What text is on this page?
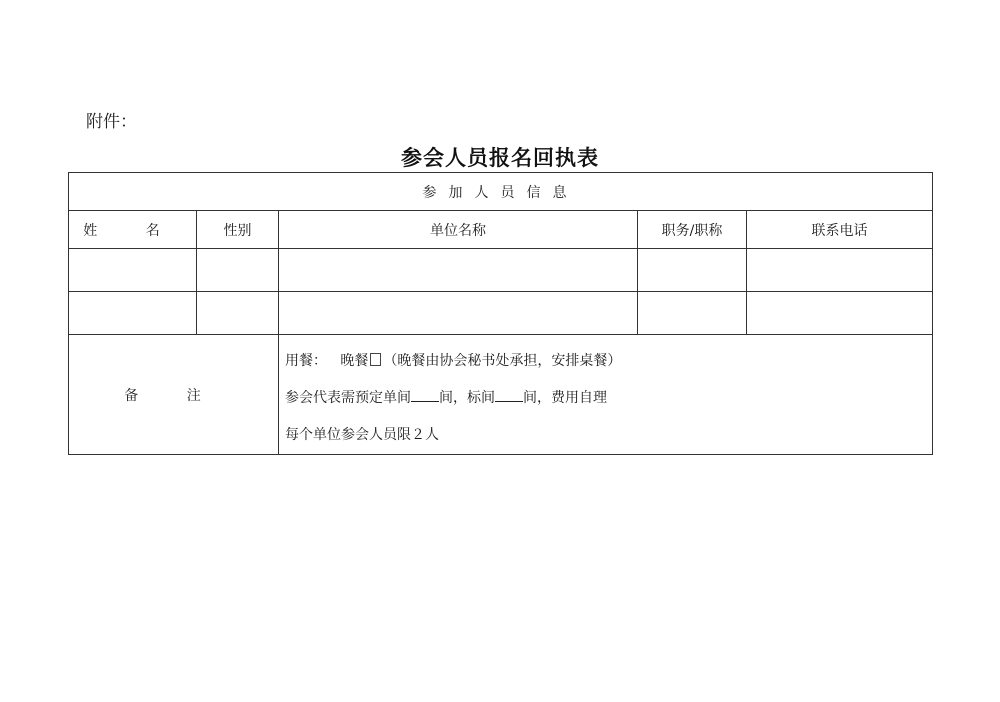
附件：
参会人员报名回执表
参加人员信息				
姓 名	性别	单位名称	职务/职称	联系电话

备 注		用餐： 晚餐 （晚餐由协会秘书处承担，安排桌餐）
参会代表需预定单间 间，标间 间，费用自理
每个单位参会人员限２人		
